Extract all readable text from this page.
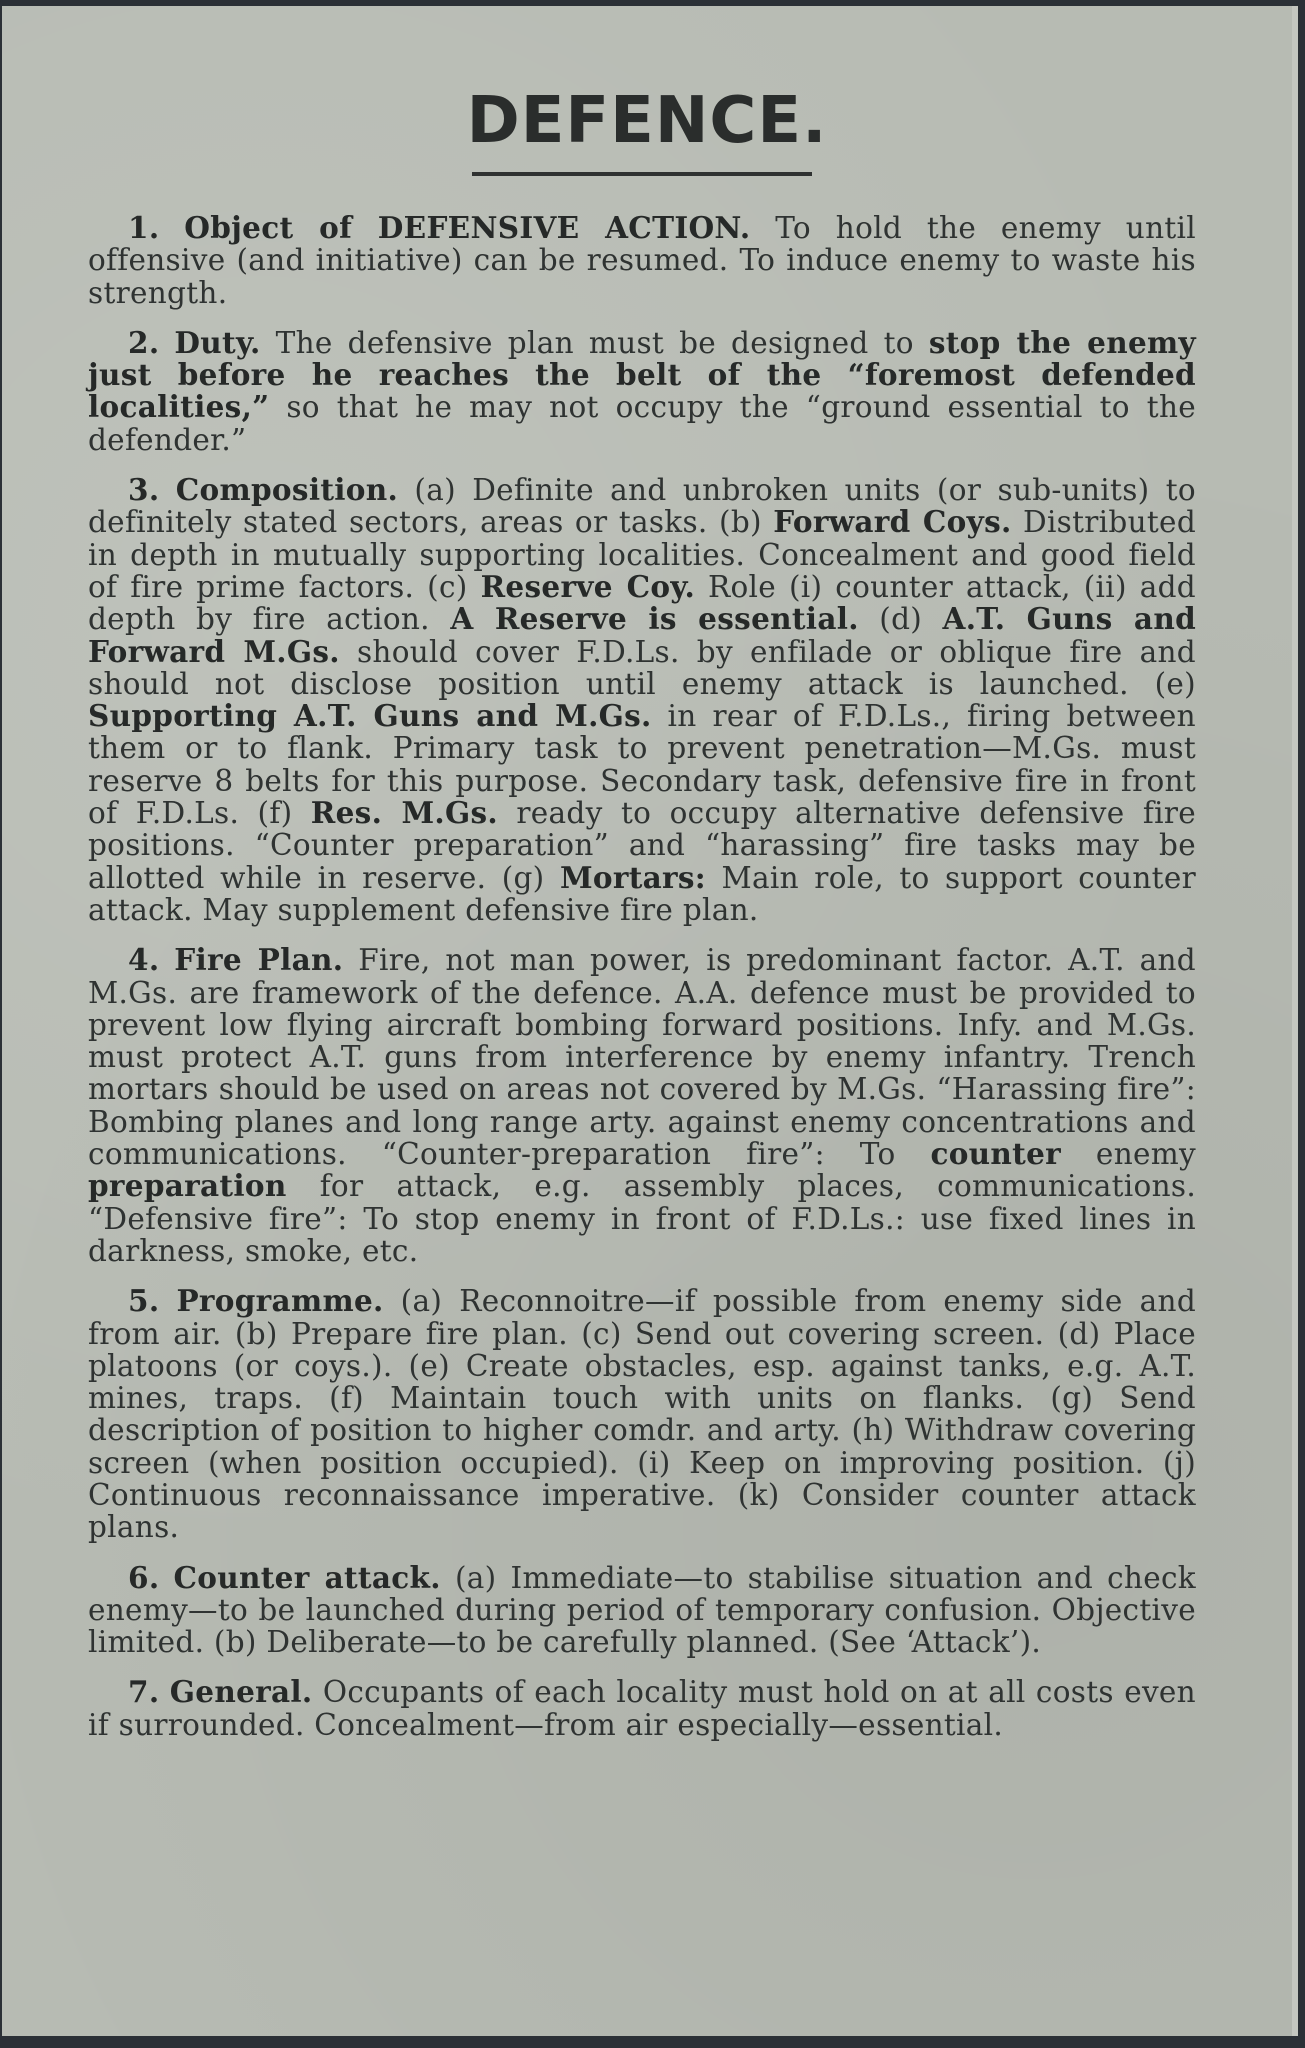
DEFENCE.

1. Object of DEFENSIVE ACTION. To hold the enemy until offensive (and initiative) can be resumed. To induce enemy to waste his strength.

2. Duty. The defensive plan must be designed to stop the enemy just before he reaches the belt of the “foremost defended localities,” so that he may not occupy the “ground essential to the defender.”

3. Composition. (a) Definite and unbroken units (or sub-units) to definitely stated sectors, areas or tasks. (b) Forward Coys. Distributed in depth in mutually supporting localities. Concealment and good field of fire prime factors. (c) Reserve Coy. Role (i) counter attack, (ii) add depth by fire action. A Reserve is essential. (d) A.T. Guns and Forward M.Gs. should cover F.D.Ls. by enfilade or oblique fire and should not disclose position until enemy attack is launched. (e) Supporting A.T. Guns and M.Gs. in rear of F.D.Ls., firing between them or to flank. Primary task to prevent penetration—M.Gs. must reserve 8 belts for this purpose. Secondary task, defensive fire in front of F.D.Ls. (f) Res. M.Gs. ready to occupy alternative defensive fire positions. “Counter preparation” and “harassing” fire tasks may be allotted while in reserve. (g) Mortars: Main role, to support counter attack. May supplement defensive fire plan.

4. Fire Plan. Fire, not man power, is predominant factor. A.T. and M.Gs. are framework of the defence. A.A. defence must be provided to prevent low flying aircraft bombing forward positions. Infy. and M.Gs. must protect A.T. guns from interference by enemy infantry. Trench mortars should be used on areas not covered by M.Gs. “Harassing fire”: Bombing planes and long range arty. against enemy concentrations and communications. “Counter-preparation fire”: To counter enemy preparation for attack, e.g. assembly places, communications. “Defensive fire”: To stop enemy in front of F.D.Ls.: use fixed lines in darkness, smoke, etc.

5. Programme. (a) Reconnoitre—if possible from enemy side and from air. (b) Prepare fire plan. (c) Send out covering screen. (d) Place platoons (or coys.). (e) Create obstacles, esp. against tanks, e.g. A.T. mines, traps. (f) Maintain touch with units on flanks. (g) Send description of position to higher comdr. and arty. (h) Withdraw covering screen (when position occupied). (i) Keep on improving position. (j) Continuous reconnaissance imperative. (k) Consider counter attack plans.

6. Counter attack. (a) Immediate—to stabilise situation and check enemy—to be launched during period of temporary confusion. Objective limited. (b) Deliberate—to be carefully planned. (See ‘Attack’).

7. General. Occupants of each locality must hold on at all costs even if surrounded. Concealment—from air especially—essential.
